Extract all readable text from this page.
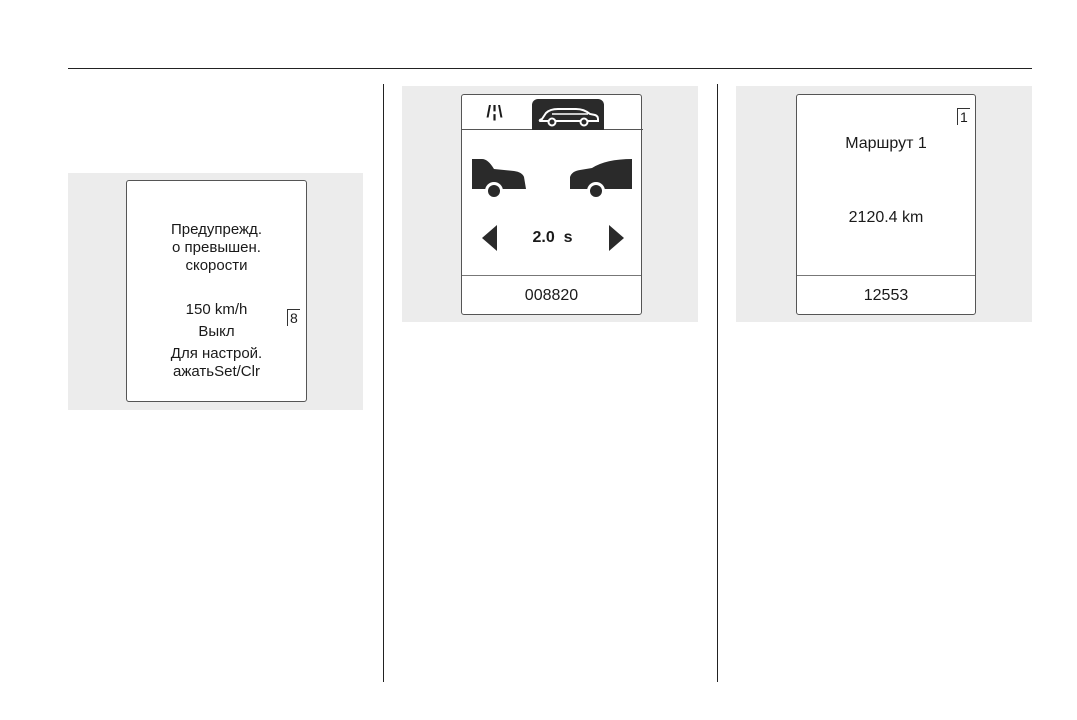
Предупрежд.
о превышен.
скорости
150 km/h
Выкл
Для настрой.
ажатьSet/Clr
8
/¦\
2.0  s
008820
1
Маршрут 1
2120.4 km
12553
